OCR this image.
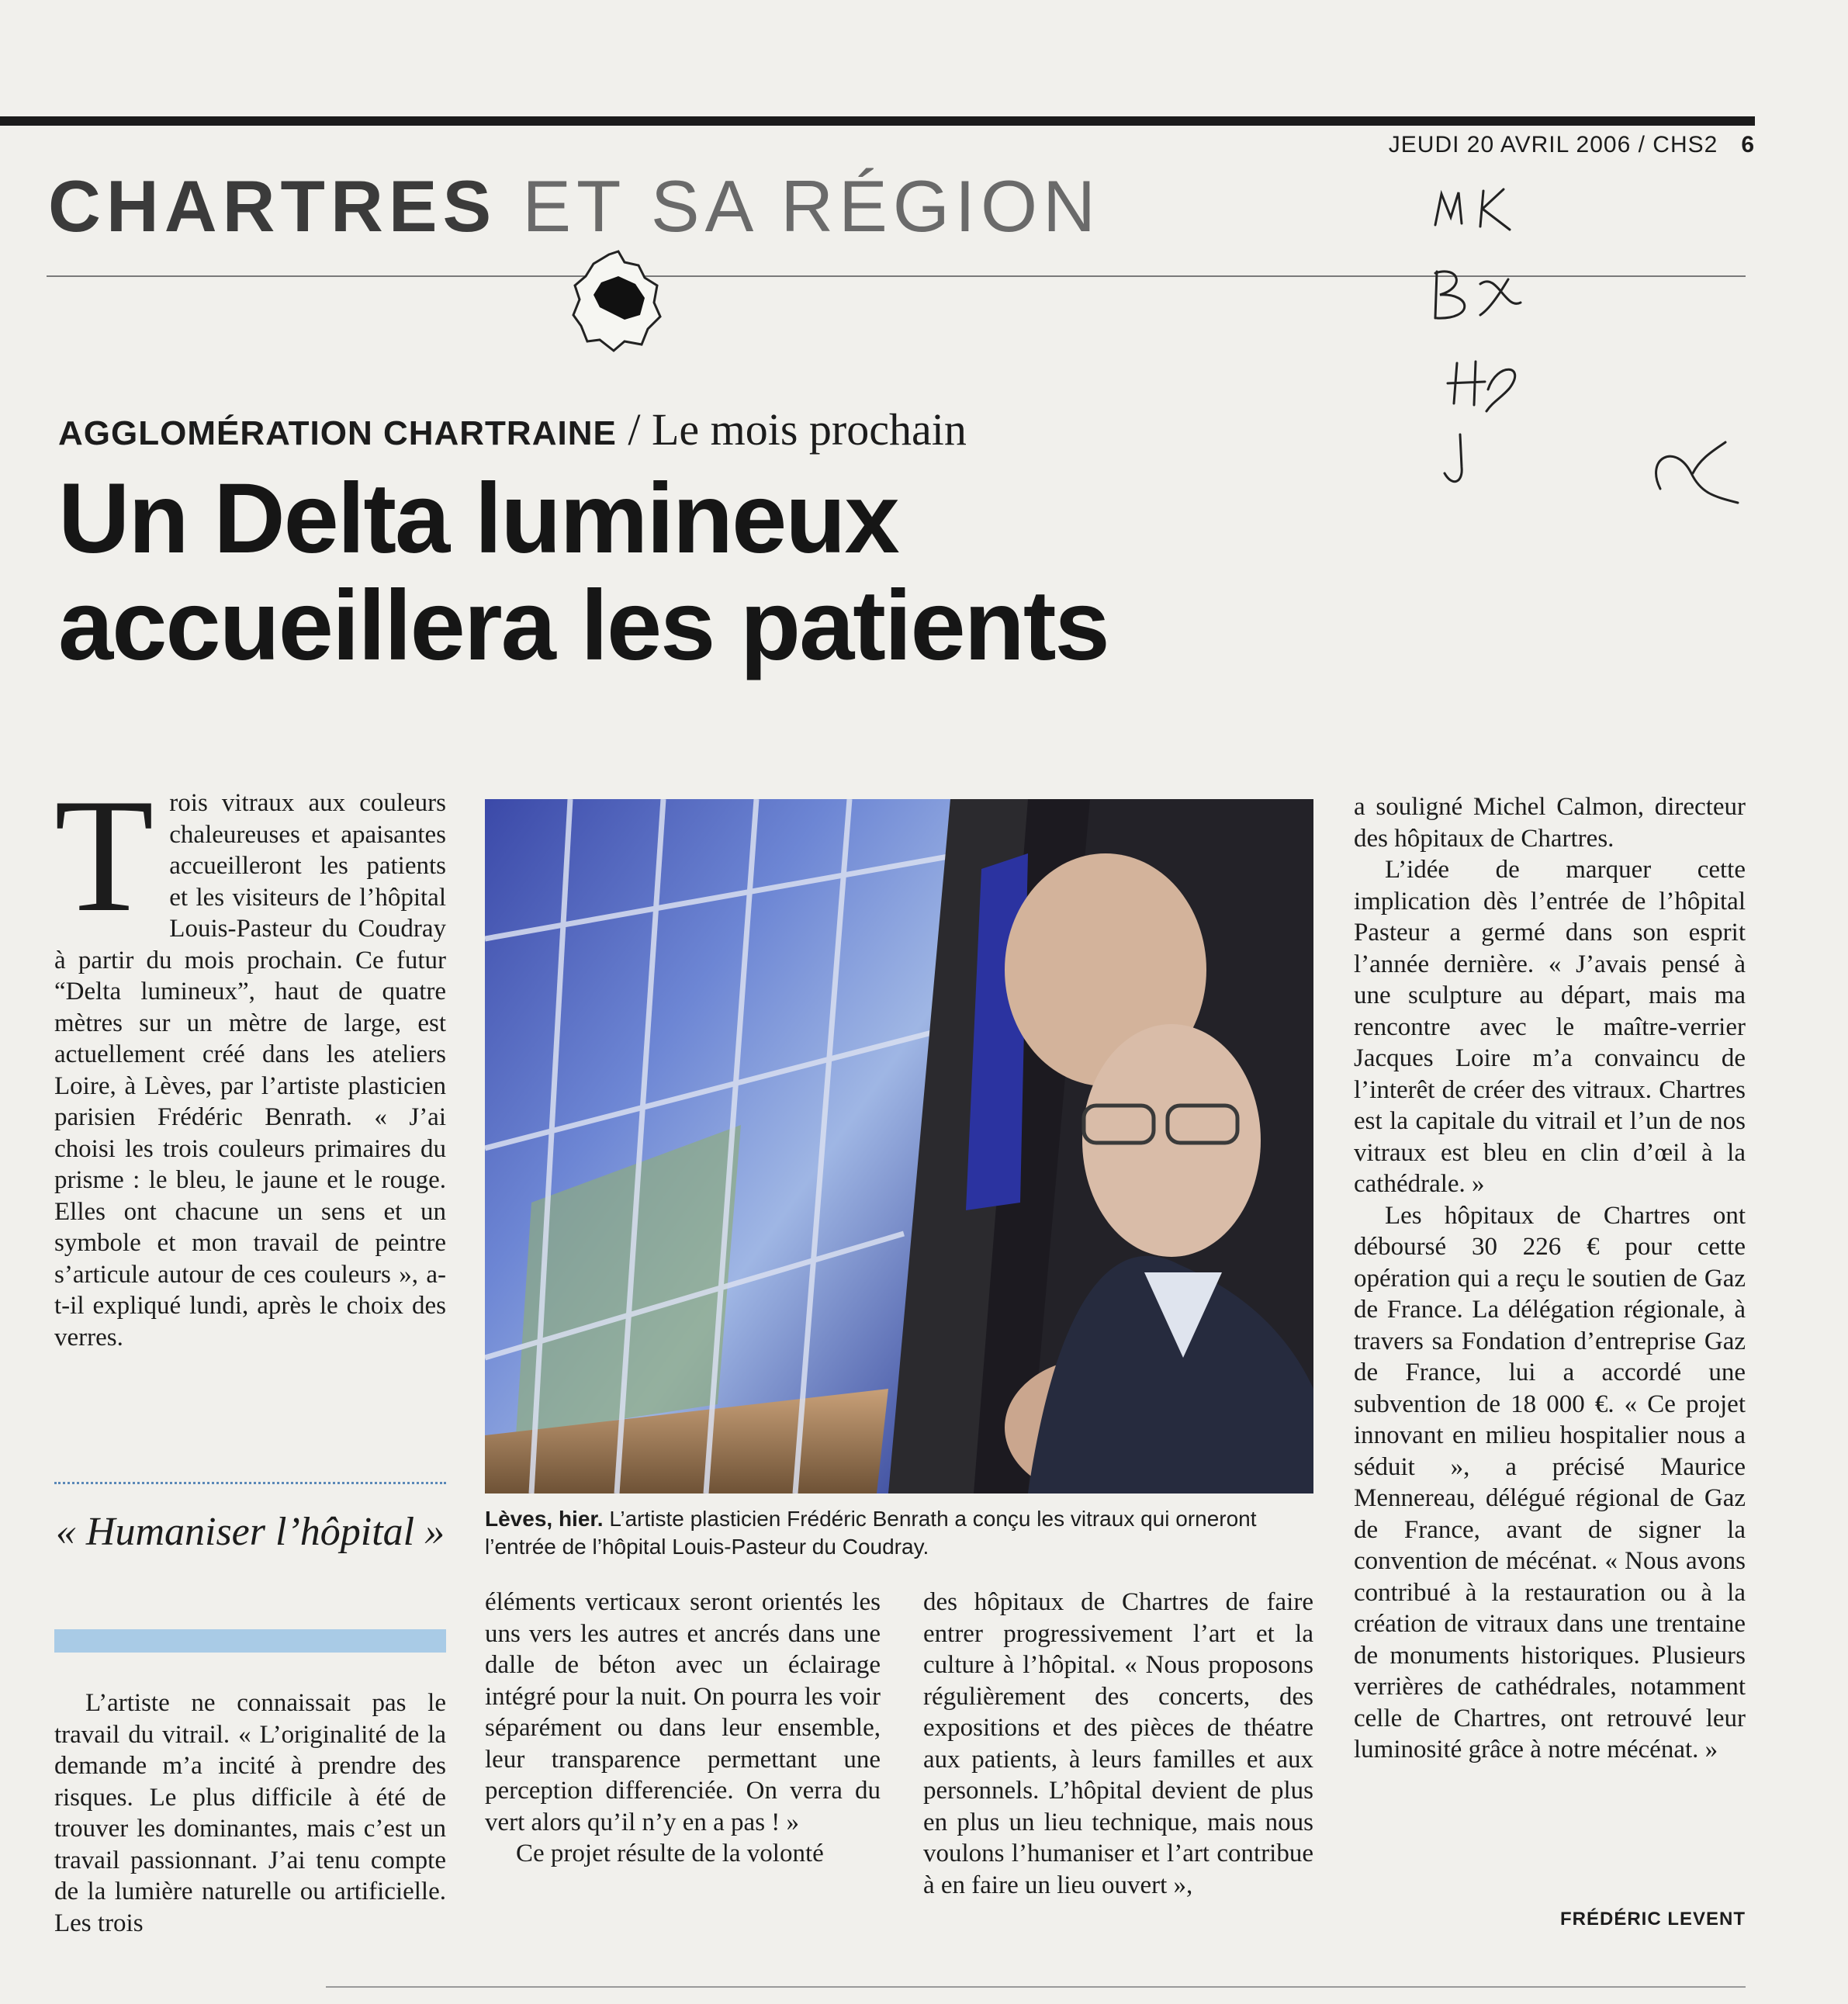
JEUDI 20 AVRIL 2006 / CHS2 6
CHARTRES ET SA RÉGION
AGGLOMÉRATION CHARTRAINE / Le mois prochain
Un Delta lumineux
accueillera les patients
T rois vitraux aux couleurs chaleureuses et apaisantes accueilleront les patients et les visiteurs de l’hôpital Louis-Pasteur du Coudray à partir du mois prochain. Ce futur “Delta lumineux”, haut de quatre mètres sur un mètre de large, est actuellement créé dans les ateliers Loire, à Lèves, par l’artiste plasticien parisien Frédéric Benrath. « J’ai choisi les trois couleurs primaires du prisme : le bleu, le jaune et le rouge. Elles ont chacune un sens et un symbole et mon travail de peintre s’articule autour de ces couleurs », a-t-il expliqué lundi, après le choix des verres.

« Humaniser l’hôpital »

L’artiste ne connaissait pas le travail du vitrail. « L’originalité de la demande m’a incité à prendre des risques. Le plus difficile à été de trouver les dominantes, mais c’est un travail passionnant. J’ai tenu compte de la lumière naturelle ou artificielle. Les trois

Lèves, hier. L’artiste plasticien Frédéric Benrath a conçu les vitraux qui orneront l’entrée de l’hôpital Louis-Pasteur du Coudray.

éléments verticaux seront orientés les uns vers les autres et ancrés dans une dalle de béton avec un éclairage intégré pour la nuit. On pourra les voir séparément ou dans leur ensemble, leur transparence permettant une perception differenciée. On verra du vert alors qu’il n’y en a pas ! »

Ce projet résulte de la volonté

des hôpitaux de Chartres de faire entrer progressivement l’art et la culture à l’hôpital. « Nous proposons régulièrement des concerts, des expositions et des pièces de théatre aux patients, à leurs familles et aux personnels. L’hôpital devient de plus en plus un lieu technique, mais nous voulons l’humaniser et l’art contribue à en faire un lieu ouvert »,

a souligné Michel Calmon, directeur des hôpitaux de Chartres.

L’idée de marquer cette implication dès l’entrée de l’hôpital Pasteur a germé dans son esprit l’année dernière. « J’avais pensé à une sculpture au départ, mais ma rencontre avec le maître-verrier Jacques Loire m’a convaincu de l’interêt de créer des vitraux. Chartres est la capitale du vitrail et l’un de nos vitraux est bleu en clin d’œil à la cathédrale. »

Les hôpitaux de Chartres ont déboursé 30 226 € pour cette opération qui a reçu le soutien de Gaz de France. La délégation régionale, à travers sa Fondation d’entreprise Gaz de France, lui a accordé une subvention de 18 000 €. « Ce projet innovant en milieu hospitalier nous a séduit », a précisé Maurice Mennereau, délégué régional de Gaz de France, avant de signer la convention de mécénat. « Nous avons contribué à la restauration ou à la création de vitraux dans une trentaine de monuments historiques. Plusieurs verrières de cathédrales, notamment celle de Chartres, ont retrouvé leur luminosité grâce à notre mécénat. »

FRÉDÉRIC LEVENT
